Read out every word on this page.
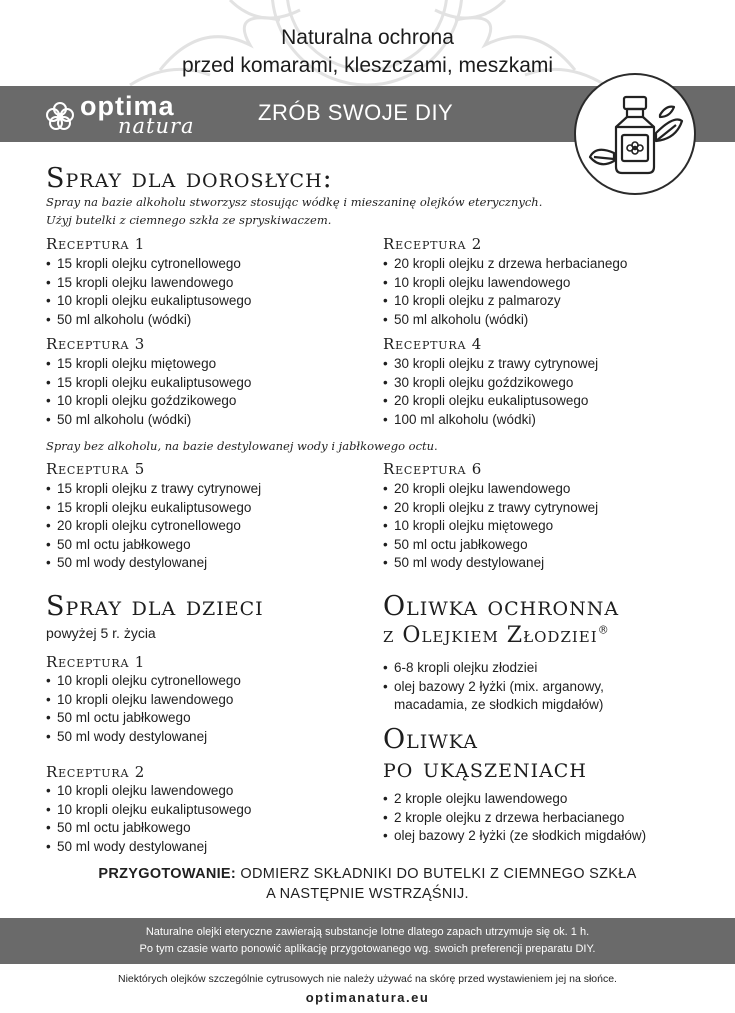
Naturalna ochrona
przed komarami, kleszczami, meszkami
optima
natura
ZRÓB SWOJE DIY
Spray dla dorosłych:
Spray na bazie alkoholu stworzysz stosując wódkę i mieszaninę olejków eterycznych.
Użyj butelki z ciemnego szkła ze spryskiwaczem.
Receptura 1
• 15 kropli olejku cytronellowego
• 15 kropli olejku lawendowego
• 10 kropli olejku eukaliptusowego
• 50 ml alkoholu (wódki)
Receptura 2
• 20 kropli olejku z drzewa herbacianego
• 10 kropli olejku lawendowego
• 10 kropli olejku z palmarozy
• 50 ml alkoholu (wódki)
Receptura 3
• 15 kropli olejku miętowego
• 15 kropli olejku eukaliptusowego
• 10 kropli olejku goździkowego
• 50 ml alkoholu (wódki)
Receptura 4
• 30 kropli olejku z trawy cytrynowej
• 30 kropli olejku goździkowego
• 20 kropli olejku eukaliptusowego
• 100 ml alkoholu (wódki)
Spray bez alkoholu, na bazie destylowanej wody i jabłkowego octu.
Receptura 5
• 15 kropli olejku z trawy cytrynowej
• 15 kropli olejku eukaliptusowego
• 20 kropli olejku cytronellowego
• 50 ml octu jabłkowego
• 50 ml wody destylowanej
Receptura 6
• 20 kropli olejku lawendowego
• 20 kropli olejku z trawy cytrynowej
• 10 kropli olejku miętowego
• 50 ml octu jabłkowego
• 50 ml wody destylowanej
Spray dla dzieci
powyżej 5 r. życia
Receptura 1
• 10 kropli olejku cytronellowego
• 10 kropli olejku lawendowego
• 50 ml octu jabłkowego
• 50 ml wody destylowanej
Receptura 2
• 10 kropli olejku lawendowego
• 10 kropli olejku eukaliptusowego
• 50 ml octu jabłkowego
• 50 ml wody destylowanej
Oliwka ochronna
z Olejkiem Złodziei®
• 6-8 kropli olejku złodziei
• olej bazowy 2 łyżki (mix. arganowy, macadamia, ze słodkich migdałów)
Oliwka
po ukąszeniach
• 2 krople olejku lawendowego
• 2 krople olejku z drzewa herbacianego
• olej bazowy 2 łyżki (ze słodkich migdałów)
PRZYGOTOWANIE: ODMIERZ SKŁADNIKI DO BUTELKI Z CIEMNEGO SZKŁA
A NASTĘPNIE WSTRZĄŚNIJ.
Naturalne olejki eteryczne zawierają substancje lotne dlatego zapach utrzymuje się ok. 1 h.
Po tym czasie warto ponowić aplikację przygotowanego wg. swoich preferencji preparatu DIY.
Niektórych olejków szczególnie cytrusowych nie należy używać na skórę przed wystawieniem jej na słońce.
optimanatura.eu
